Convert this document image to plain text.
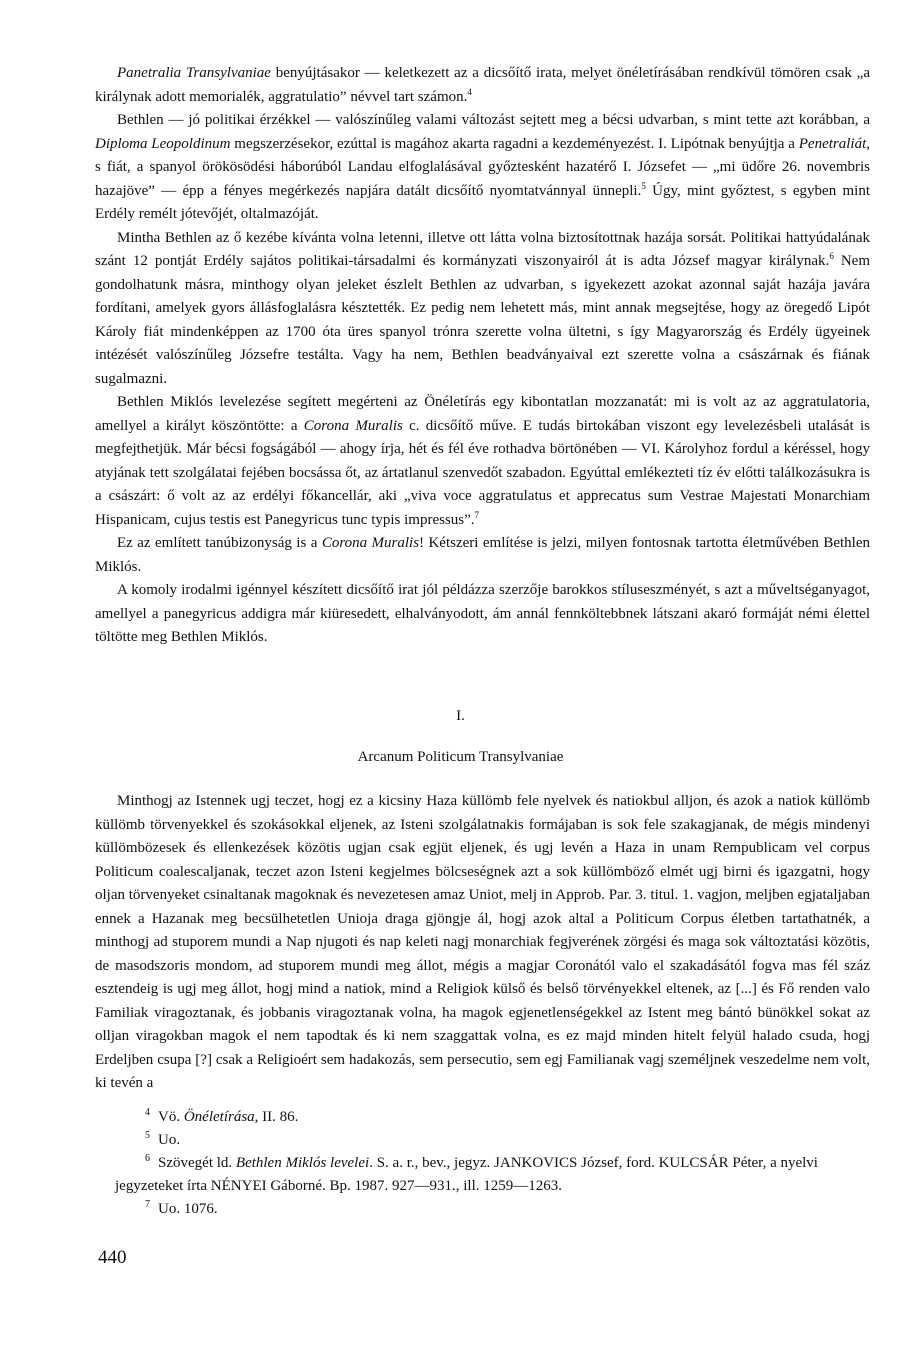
Panetralia Transylvaniae benyújtásakor — keletkezett az a dicsőítő irata, melyet önéletírásában rendkívül tömören csak „a királynak adott memorialék, aggratulatio” névvel tart számon.$^4$

Bethlen — jó politikai érzékkel — valószínűleg valami változást sejtett meg a bécsi udvarban, s mint tette azt korábban, a Diploma Leopoldinum megszerzésekor, ezúttal is magához akarta ragadni a kezdeményezést. I. Lipótnak benyújtja a Penetraliát, s fiát, a spanyol örökösödési háborúból Landau elfoglalásával győztesként hazatérő I. Józsefet — „mi üdőre 26. novembris hazajöve” — épp a fényes megérkezés napjára datált dicsőítő nyomtatvánnyal ünnepli.$^5$ Úgy, mint győztest, s egyben mint Erdély remélt jótevőjét, oltalmazóját.

Mintha Bethlen az ő kezébe kívánta volna letenni, illetve ott látta volna biztosítottnak hazája sorsát. Politikai hattyúdalának szánt 12 pontját Erdély sajátos politikai-társadalmi és kormányzati viszonyairól át is adta József magyar királynak.$^6$ Nem gondolhatunk másra, minthogy olyan jeleket észlelt Bethlen az udvarban, s igyekezett azokat azonnal saját hazája javára fordítani, amelyek gyors állásfoglalásra késztették. Ez pedig nem lehetett más, mint annak megsejtése, hogy az öregedő Lipót Károly fiát mindenképpen az 1700 óta üres spanyol trónra szerette volna ültetni, s így Magyarország és Erdély ügyeinek intézését valószínűleg Józsefre testálta. Vagy ha nem, Bethlen beadványaival ezt szerette volna a császárnak és fiának sugalmazni.

Bethlen Miklós levelezése segített megérteni az Önéletírás egy kibontatlan mozzanatát: mi is volt az az aggratulatoria, amellyel a királyt köszöntötte: a Corona Muralis c. dicsőítő műve. E tudás birtokában viszont egy levelezésbeli utalását is megfejthetjük. Már bécsi fogságából — ahogy írja, hét és fél éve rothadva börtönében — VI. Károlyhoz fordul a kéréssel, hogy atyjának tett szolgálatai fejében bocsássa őt, az ártatlanul szenvedőt szabadon. Egyúttal emlékezteti tíz év előtti találkozásukra is a császárt: ő volt az az erdélyi főkancellár, aki „viva voce aggratulatus et apprecatus sum Vestrae Majestati Monarchiam Hispanicam, cujus testis est Panegyricus tunc typis impressus”.$^7$

Ez az említett tanúbizonyság is a Corona Muralis! Kétszeri említése is jelzi, milyen fontosnak tartotta életművében Bethlen Miklós.

A komoly irodalmi igénnyel készített dicsőítő irat jól példázza szerzője barokkos stíluseszményét, s azt a műveltséganyagot, amellyel a panegyricus addigra már kiüresedett, elhalványodott, ám annál fennköltebbnek látszani akaró formáját némi élettel töltötte meg Bethlen Miklós.

I.
Arcanum Politicum Transylvaniae

Minthogj az Istennek ugj teczet, hogj ez a kicsiny Haza küllömb fele nyelvek és natiokbul alljon, és azok a natiok küllömb küllömb törvenyekkel és szokásokkal eljenek, az Isteni szolgálatnakis formájaban is sok fele szakagjanak, de mégis mindenyi küllömbözesek és ellenkezések közötis ugjan csak egjüt eljenek, és ugj levén a Haza in unam Rempublicam vel corpus Politicum coalescaljanak, teczet azon Isteni kegjelmes bölcseségnek azt a sok küllömböző elmét ugj birni és igazgatni, hogy oljan törvenyeket csinaltanak magoknak és nevezetesen amaz Uniot, melj in Approb. Par. 3. titul. 1. vagjon, meljben egjataljaban ennek a Hazanak meg becsülhetetlen Unioja draga gjöngje ál, hogj azok altal a Politicum Corpus életben tartathatnék, a minthogj ad stuporem mundi a Nap njugoti és nap keleti nagj monarchiak fegjverének zörgési és maga sok változtatási közötis, de masodszoris mondom, ad stuporem mundi meg állot, mégis a magjar Coronától valo el szakadásától fogva mas fél száz esztendeig is ugj meg állot, hogj mind a natiok, mind a Religiok külső és belső törvényekkel eltenek, az [...] és Fő renden valo Familiak viragoztanak, és jobbanis viragoztanak volna, ha magok egjenetlenségekkel az Istent meg bántó bünökkel sokat az olljan viragokban magok el nem tapodtak és ki nem szaggattak volna, es ez majd minden hitelt felyül halado csuda, hogj Erdeljben csupa [?] csak a Religioért sem hadakozás, sem persecutio, sem egj Familianak vagj személjnek veszedelme nem volt, ki tevén a

$^4$ Vö. Önéletírása, II. 86.

$^5$ Uo.

$^6$ Szövegét ld. Bethlen Miklós levelei. S. a. r., bev., jegyz. JANKOVICS József, ford. KULCSÁR Péter, a nyelvi jegyzeteket írta NÉNYEI Gáborné. Bp. 1987. 927—931., ill. 1259—1263.

$^7$ Uo. 1076.

440
